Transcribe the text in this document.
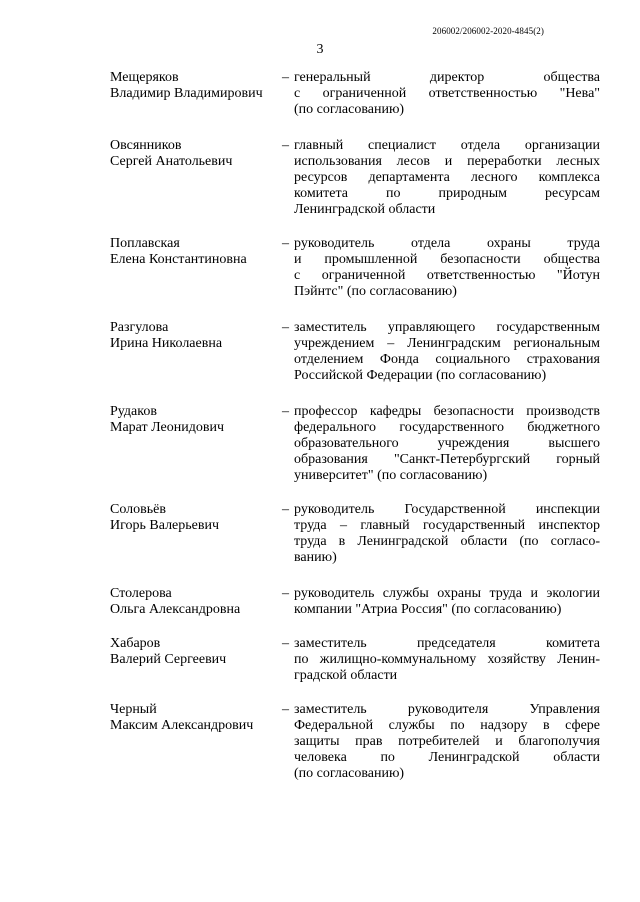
206002/206002-2020-4845(2)
3
Мещеряков
Владимир Владимирович
– генеральный директор общества
с ограниченной ответственностью "Нева"
(по согласованию)
Овсянников
Сергей Анатольевич
– главный специалист отдела организации
использования лесов и переработки лесных
ресурсов департамента лесного комплекса
комитета по природным ресурсам
Ленинградской области
Поплавская
Елена Константиновна
– руководитель отдела охраны труда
и промышленной безопасности общества
с ограниченной ответственностью "Йотун
Пэйнтс" (по согласованию)
Разгулова
Ирина Николаевна
– заместитель управляющего государственным
учреждением – Ленинградским региональным
отделением Фонда социального страхования
Российской Федерации (по согласованию)
Рудаков
Марат Леонидович
– профессор кафедры безопасности производств
федерального государственного бюджетного
образовательного учреждения высшего
образования "Санкт-Петербургский горный
университет" (по согласованию)
Соловьёв
Игорь Валерьевич
– руководитель Государственной инспекции
труда – главный государственный инспектор
труда в Ленинградской области (по согласо-
ванию)
Столерова
Ольга Александровна
– руководитель службы охраны труда и экологии
компании "Атриа Россия" (по согласованию)
Хабаров
Валерий Сергеевич
– заместитель председателя комитета
по жилищно-коммунальному хозяйству Ленин-
градской области
Черный
Максим Александрович
– заместитель руководителя Управления
Федеральной службы по надзору в сфере
защиты прав потребителей и благополучия
человека по Ленинградской области
(по согласованию)
